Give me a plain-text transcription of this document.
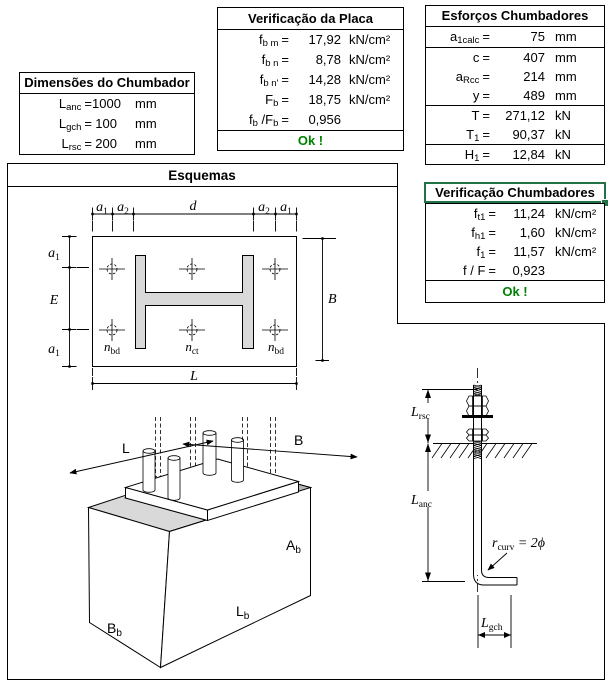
Esquemas
$a_1$ $a_2$	d	$a_2$ $a_1$
$a_1$
E
$a_1$
B
L
$n_{bd}$	$n_{ct}$	$n_{bd}$
L	B
$A_b$
$L_b$
$B_b$
$L_{rsc}$
$L_{anc}$
$r_{curv} = 2\phi$
$L_{gch}$
Dimensões do Chumbador
$L_{anc} = 1000$	mm
$L_{gch} = 100$	mm
$L_{rsc} = 200$	mm
Verificação da Placa
$f_{b m}$ =	17,92 kN/cm²
$f_{b n}$ =	8,78 kN/cm²
$f_{b n'}$ =	14,28 kN/cm²
$F_b$ =	18,75 kN/cm²
$f_b$ $/F_b$ =	0,956
Ok !
Esforços Chumbadores
$a_{1calc}$ =	75 mm
c =	407 mm
$a_{Rcc}$ =	214 mm
y =	489 mm
T =	271,12 kN
$T_1$ =	90,37 kN
$H_1$ =	12,84 kN
Verificação Chumbadores
$f_{t1}$ =	11,24 kN/cm²
$f_{h1}$ =	1,60 kN/cm²
$f_1$ =	11,57 kN/cm²
f / F =	0,923
Ok !
